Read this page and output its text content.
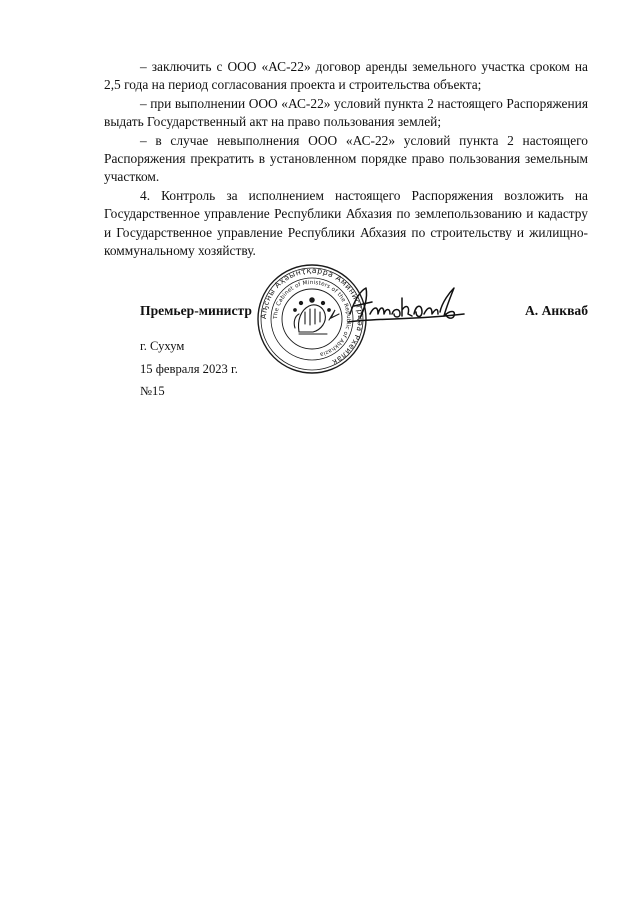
– заключить с ООО «АС-22» договор аренды земельного участка сроком на 2,5 года на период согласования проекта и строительства объекта;

– при выполнении ООО «АС-22» условий пункта 2 настоящего Распоряжения выдать Государственный акт на право пользования землей;

– в случае невыполнения ООО «АС-22» условий пункта 2 настоящего Распоряжения прекратить в установленном порядке право пользования земельным участком.

4. Контроль за исполнением настоящего Распоряжения возложить на Государственное управление Республики Абхазия по землепользованию и кадастру и Государственное управление Республики Абхазия по строительству и жилищно-коммунальному хозяйству.

Премьер-министр	А. Анкваб
Аҧсны Аҳәынҭқарра Аминистрцәа Рхеилак
The Cabinet of Ministers of the Republic of Abkhazia
г. Сухум
15 февраля 2023 г.
№15
